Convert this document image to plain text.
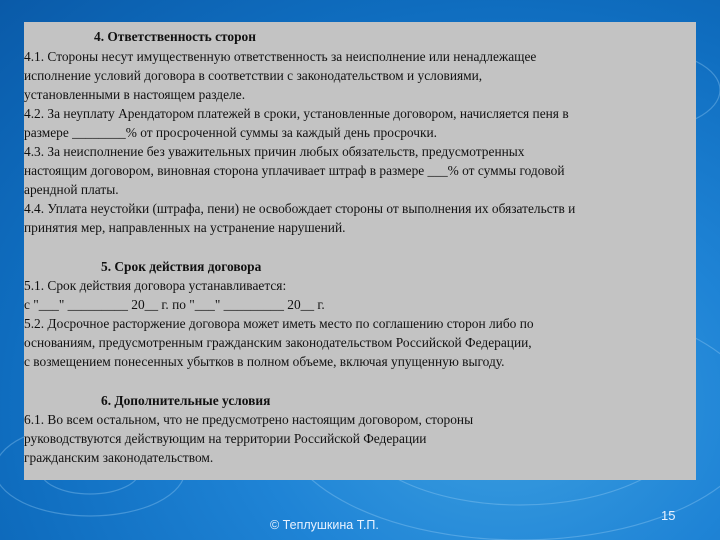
4. Ответственность сторон

4.1. Стороны несут имущественную ответственность за неисполнение или ненадлежащее

исполнение условий договора в соответствии с законодательством и условиями,

установленными в настоящем разделе.

4.2. За неуплату Арендатором платежей в сроки, установленные договором, начисляется пеня в

размере ________% от просроченной суммы за каждый день просрочки.

4.3. За неисполнение без уважительных причин любых обязательств, предусмотренных

настоящим договором, виновная сторона уплачивает штраф в размере ___% от суммы годовой

арендной платы.

4.4. Уплата неустойки (штрафа, пени) не освобождает стороны от выполнения их обязательств и

принятия мер, направленных на устранение нарушений.

5. Срок действия договора

5.1. Срок действия договора устанавливается:

с "___" _________ 20__ г. по "___" _________ 20__ г.

5.2. Досрочное расторжение договора может иметь место по соглашению сторон либо по

основаниям, предусмотренным гражданским законодательством Российской Федерации,

с возмещением понесенных убытков в полном объеме, включая упущенную выгоду.

6. Дополнительные условия

6.1. Во всем остальном, что не предусмотрено настоящим договором, стороны

руководствуются действующим на территории Российской Федерации

гражданским законодательством.

© Теплушкина Т.П.
15
